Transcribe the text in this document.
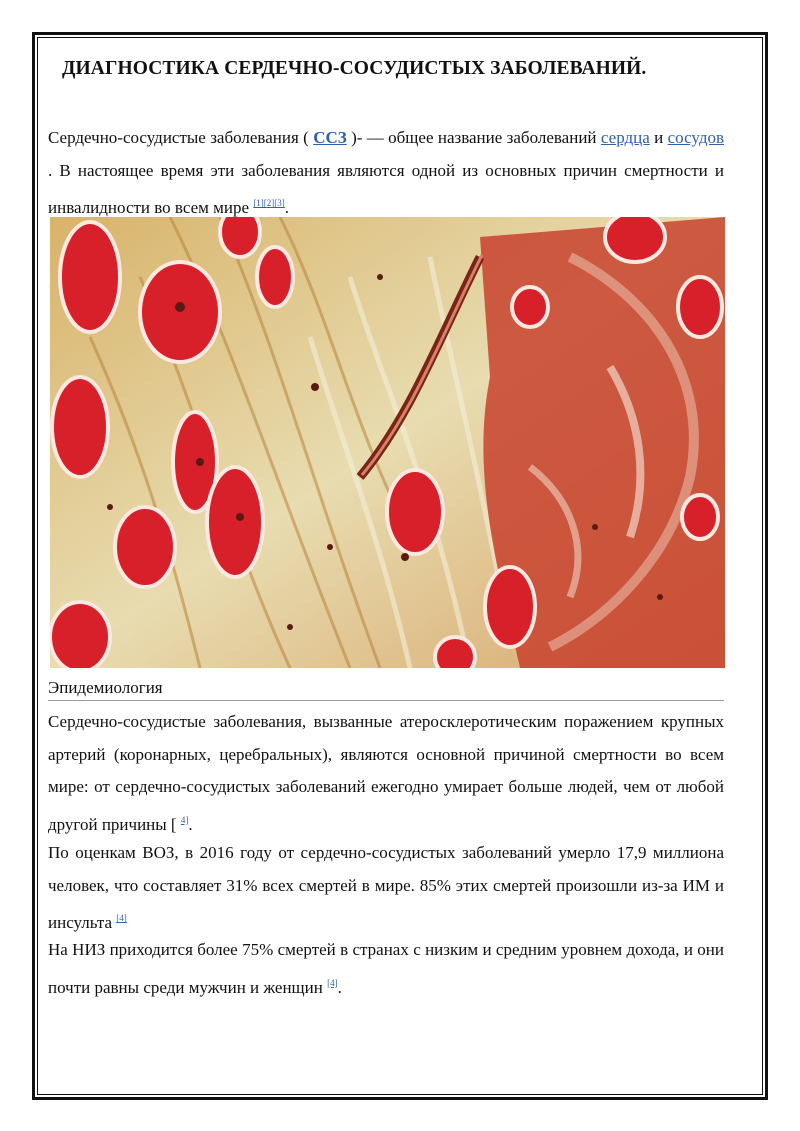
ДИАГНОСТИКА СЕРДЕЧНО-СОСУДИСТЫХ ЗАБОЛЕВАНИЙ.
Сердечно-сосудистые заболевания ( ССЗ )- — общее название заболеваний сердца и сосудов . В настоящее время эти заболевания являются одной из основных причин смертности и инвалидности во всем мире [1][2][3].
Эпидемиология
Сердечно-сосудистые заболевания, вызванные атеросклеротическим поражением крупных артерий (коронарных, церебральных), являются основной причиной смертности во всем мире: от сердечно-сосудистых заболеваний ежегодно умирает больше людей, чем от любой другой причины [ $^{4]}$.
По оценкам ВОЗ, в 2016 году от сердечно-сосудистых заболеваний умерло 17,9 миллиона человек, что составляет 31% всех смертей в мире. 85% этих смертей произошли из-за ИМ и инсульта [4]
На НИЗ приходится более 75% смертей в странах с низким и средним уровнем дохода, и они почти равны среди мужчин и женщин [4].
